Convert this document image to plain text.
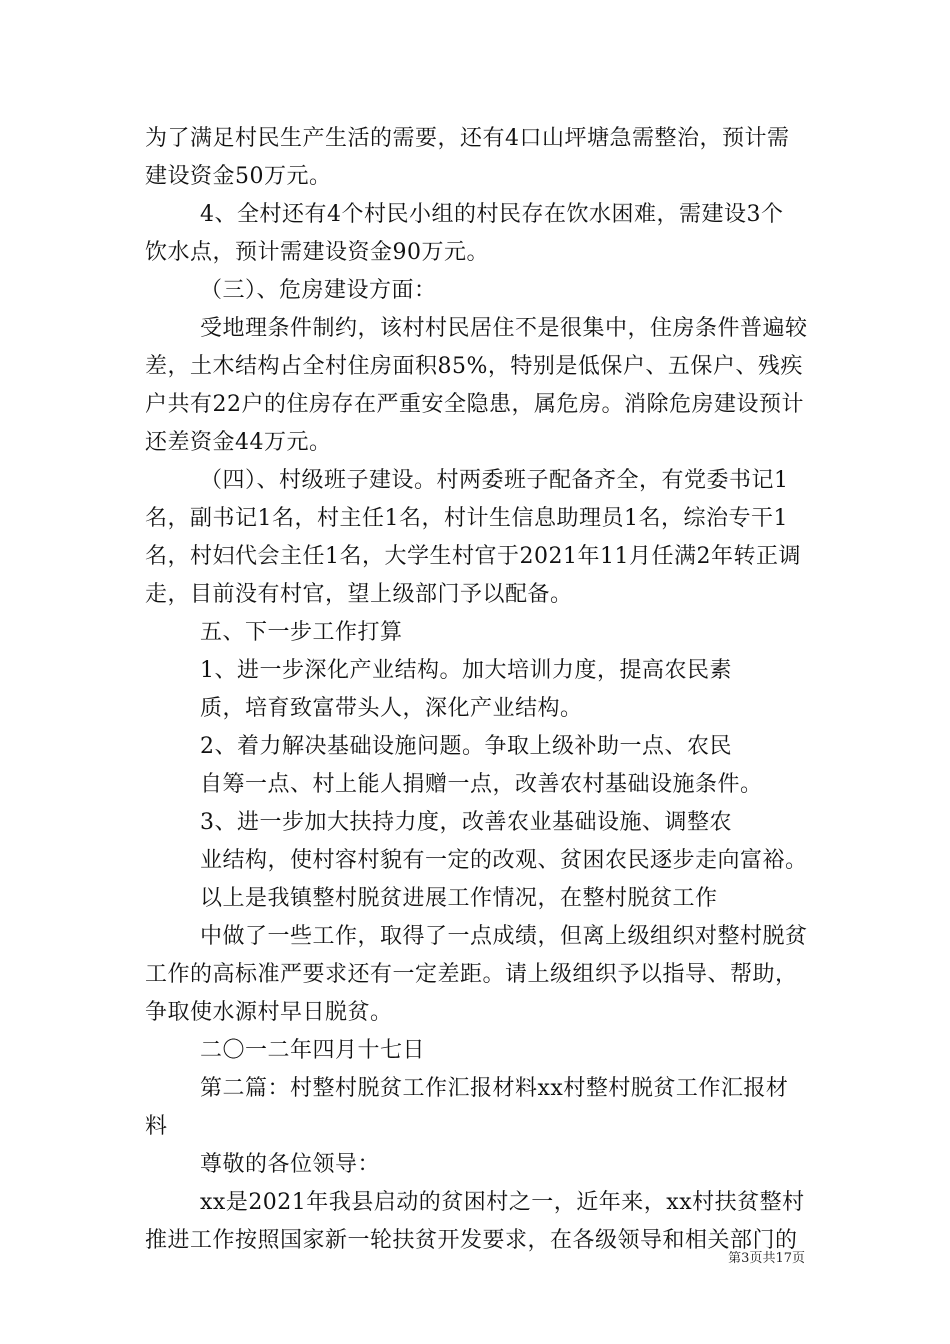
为了满足村民生产生活的需要，还有4口山坪塘急需整治，预计需
建设资金50万元。
4、全村还有4个村民小组的村民存在饮水困难，需建设3个
饮水点，预计需建设资金90万元。
（三）、危房建设方面：
受地理条件制约，该村村民居住不是很集中，住房条件普遍较
差，土木结构占全村住房面积85%，特别是低保户、五保户、残疾
户共有22户的住房存在严重安全隐患，属危房。消除危房建设预计
还差资金44万元。
（四）、村级班子建设。村两委班子配备齐全，有党委书记1
名，副书记1名，村主任1名，村计生信息助理员1名，综治专干1
名，村妇代会主任1名，大学生村官于2021年11月任满2年转正调
走，目前没有村官，望上级部门予以配备。
五、下一步工作打算
1、进一步深化产业结构。加大培训力度，提高农民素
质，培育致富带头人，深化产业结构。
2、着力解决基础设施问题。争取上级补助一点、农民
自筹一点、村上能人捐赠一点，改善农村基础设施条件。
3、进一步加大扶持力度，改善农业基础设施、调整农
业结构，使村容村貌有一定的改观、贫困农民逐步走向富裕。
以上是我镇整村脱贫进展工作情况，在整村脱贫工作
中做了一些工作，取得了一点成绩，但离上级组织对整村脱贫
工作的高标准严要求还有一定差距。请上级组织予以指导、帮助，
争取使水源村早日脱贫。
二〇一二年四月十七日
第二篇：村整村脱贫工作汇报材料xx村整村脱贫工作汇报材
料
尊敬的各位领导：
xx是2021年我县启动的贫困村之一，近年来，xx村扶贫整村
推进工作按照国家新一轮扶贫开发要求，在各级领导和相关部门的
第3页共17页
